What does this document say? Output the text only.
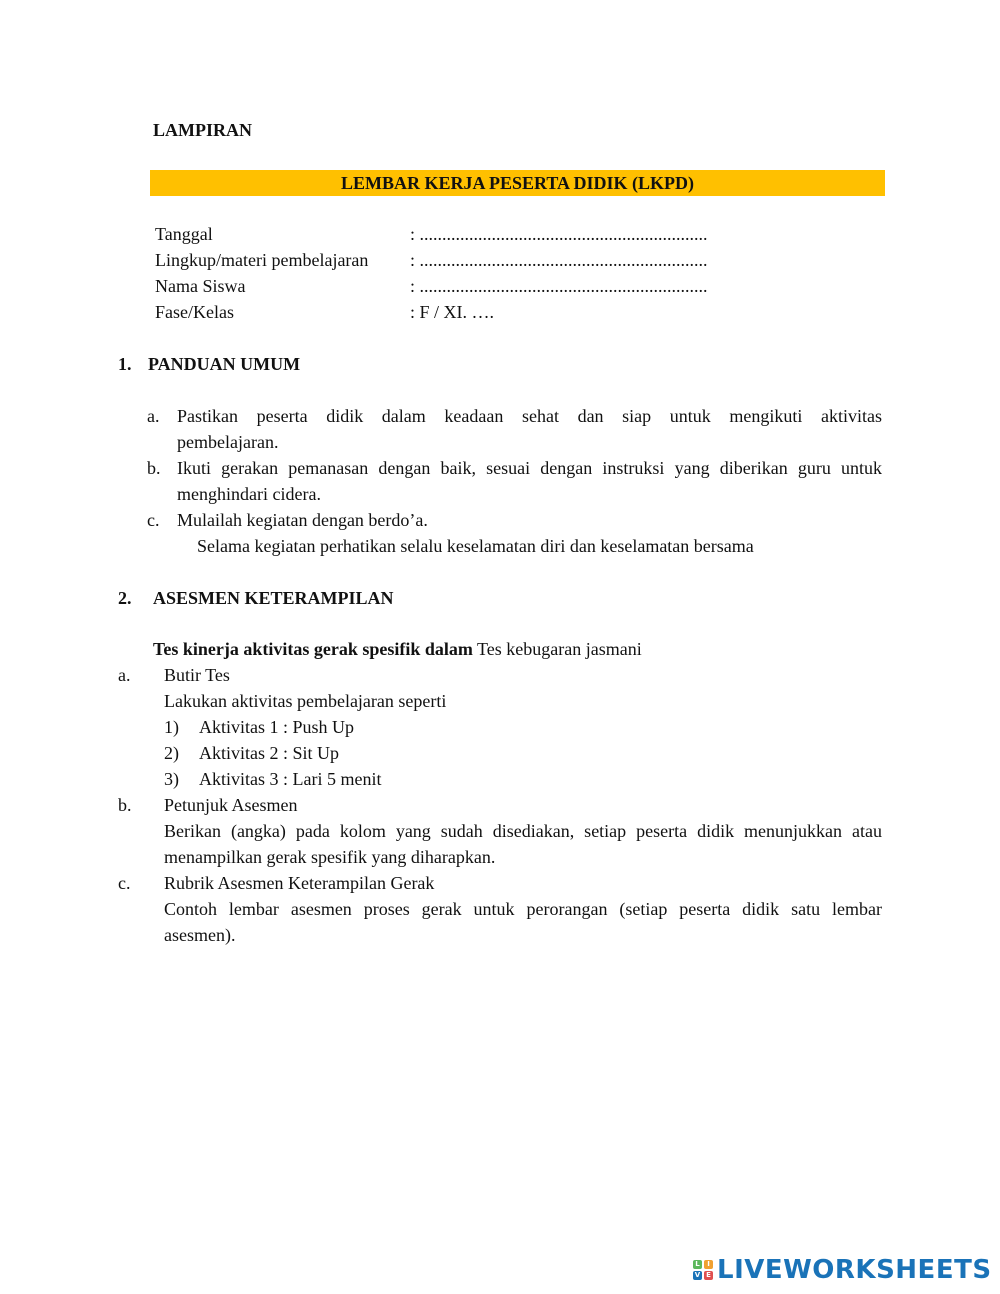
LAMPIRAN
LEMBAR KERJA PESERTA DIDIK (LKPD)
Tanggal	: ................................................................
Lingkup/materi pembelajaran : ................................................................
Nama Siswa	: ................................................................
Fase/Kelas	: F / XI. ….
1. PANDUAN UMUM
a. Pastikan peserta didik dalam keadaan sehat dan siap untuk mengikuti aktivitas
pembelajaran.
b. Ikuti gerakan pemanasan dengan baik, sesuai dengan instruksi yang diberikan guru untuk
menghindari cidera.
c. Mulailah kegiatan dengan berdo’a.
Selama kegiatan perhatikan selalu keselamatan diri dan keselamatan bersama
2. ASESMEN KETERAMPILAN
Tes kinerja aktivitas gerak spesifik dalam Tes kebugaran jasmani
a. Butir Tes
Lakukan aktivitas pembelajaran seperti
1) Aktivitas 1 : Push Up
2) Aktivitas 2 : Sit Up
3) Aktivitas 3 : Lari 5 menit
b. Petunjuk Asesmen
Berikan (angka) pada kolom yang sudah disediakan, setiap peserta didik menunjukkan atau
menampilkan gerak spesifik yang diharapkan.
c. Rubrik Asesmen Keterampilan Gerak
Contoh lembar asesmen proses gerak untuk perorangan (setiap peserta didik satu lembar
asesmen).
L	I
V E LIVEWORKSHEETS
